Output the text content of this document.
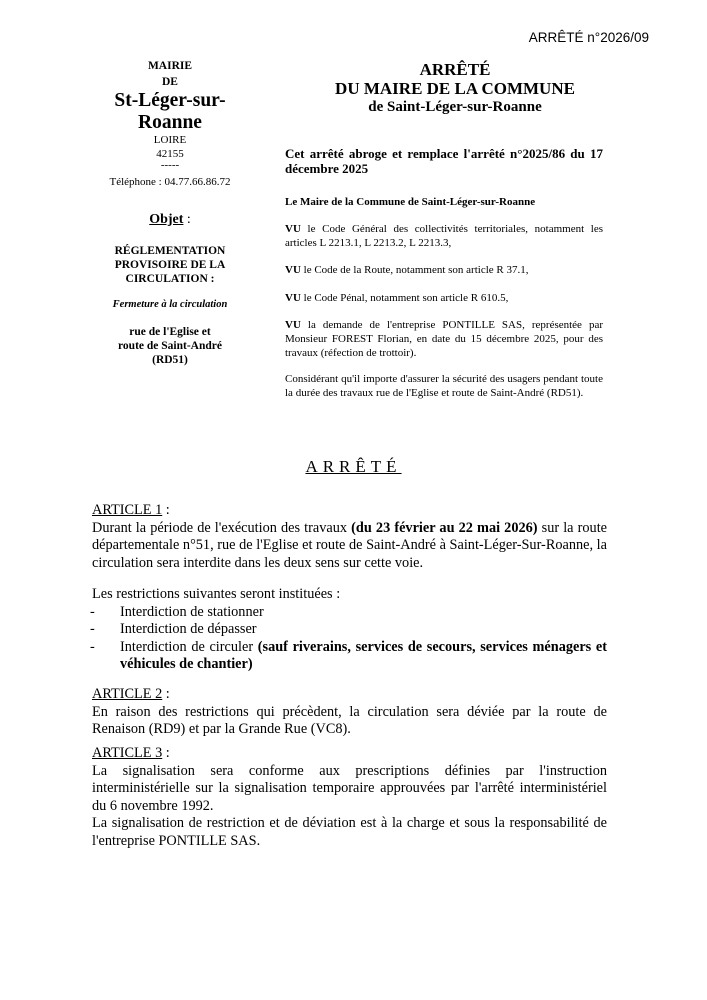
ARRÊTÉ n°2026/09
MAIRIE
DE
St-Léger-sur-
Roanne
LOIRE
42155
-----
Téléphone : 04.77.66.86.72
Objet :
RÉGLEMENTATION
PROVISOIRE DE LA
CIRCULATION :
Fermeture à la circulation
rue de l'Eglise et
route de Saint-André
(RD51)
ARRÊTÉ
DU MAIRE DE LA COMMUNE
de Saint-Léger-sur-Roanne
Cet arrêté abroge et remplace l'arrêté n°2025/86 du 17 décembre 2025
Le Maire de la Commune de Saint-Léger-sur-Roanne
VU le Code Général des collectivités territoriales, notamment les articles L 2213.1, L 2213.2, L 2213.3,
VU le Code de la Route, notamment son article R 37.1,
VU le Code Pénal, notamment son article R 610.5,
VU la demande de l'entreprise PONTILLE SAS, représentée par Monsieur FOREST Florian, en date du 15 décembre 2025, pour des travaux (réfection de trottoir).
Considérant qu'il importe d'assurer la sécurité des usagers pendant toute la durée des travaux rue de l'Eglise et route de Saint-André (RD51).
ARRÊTÉ
ARTICLE 1 :

Durant la période de l'exécution des travaux (du 23 février au 22 mai 2026) sur la route départementale n°51, rue de l'Eglise et route de Saint-André à Saint-Léger-Sur-Roanne, la circulation sera interdite dans les deux sens sur cette voie.

Les restrictions suivantes seront instituées :
- Interdiction de stationner
- Interdiction de dépasser
- Interdiction de circuler (sauf riverains, services de secours, services ménagers et véhicules de chantier)
ARTICLE 2 :

En raison des restrictions qui précèdent, la circulation sera déviée par la route de Renaison (RD9) et par la Grande Rue (VC8).

ARTICLE 3 :

La signalisation sera conforme aux prescriptions définies par l'instruction interministérielle sur la signalisation temporaire approuvées par l'arrêté interministériel du 6 novembre 1992.

La signalisation de restriction et de déviation est à la charge et sous la responsabilité de l'entreprise PONTILLE SAS.
